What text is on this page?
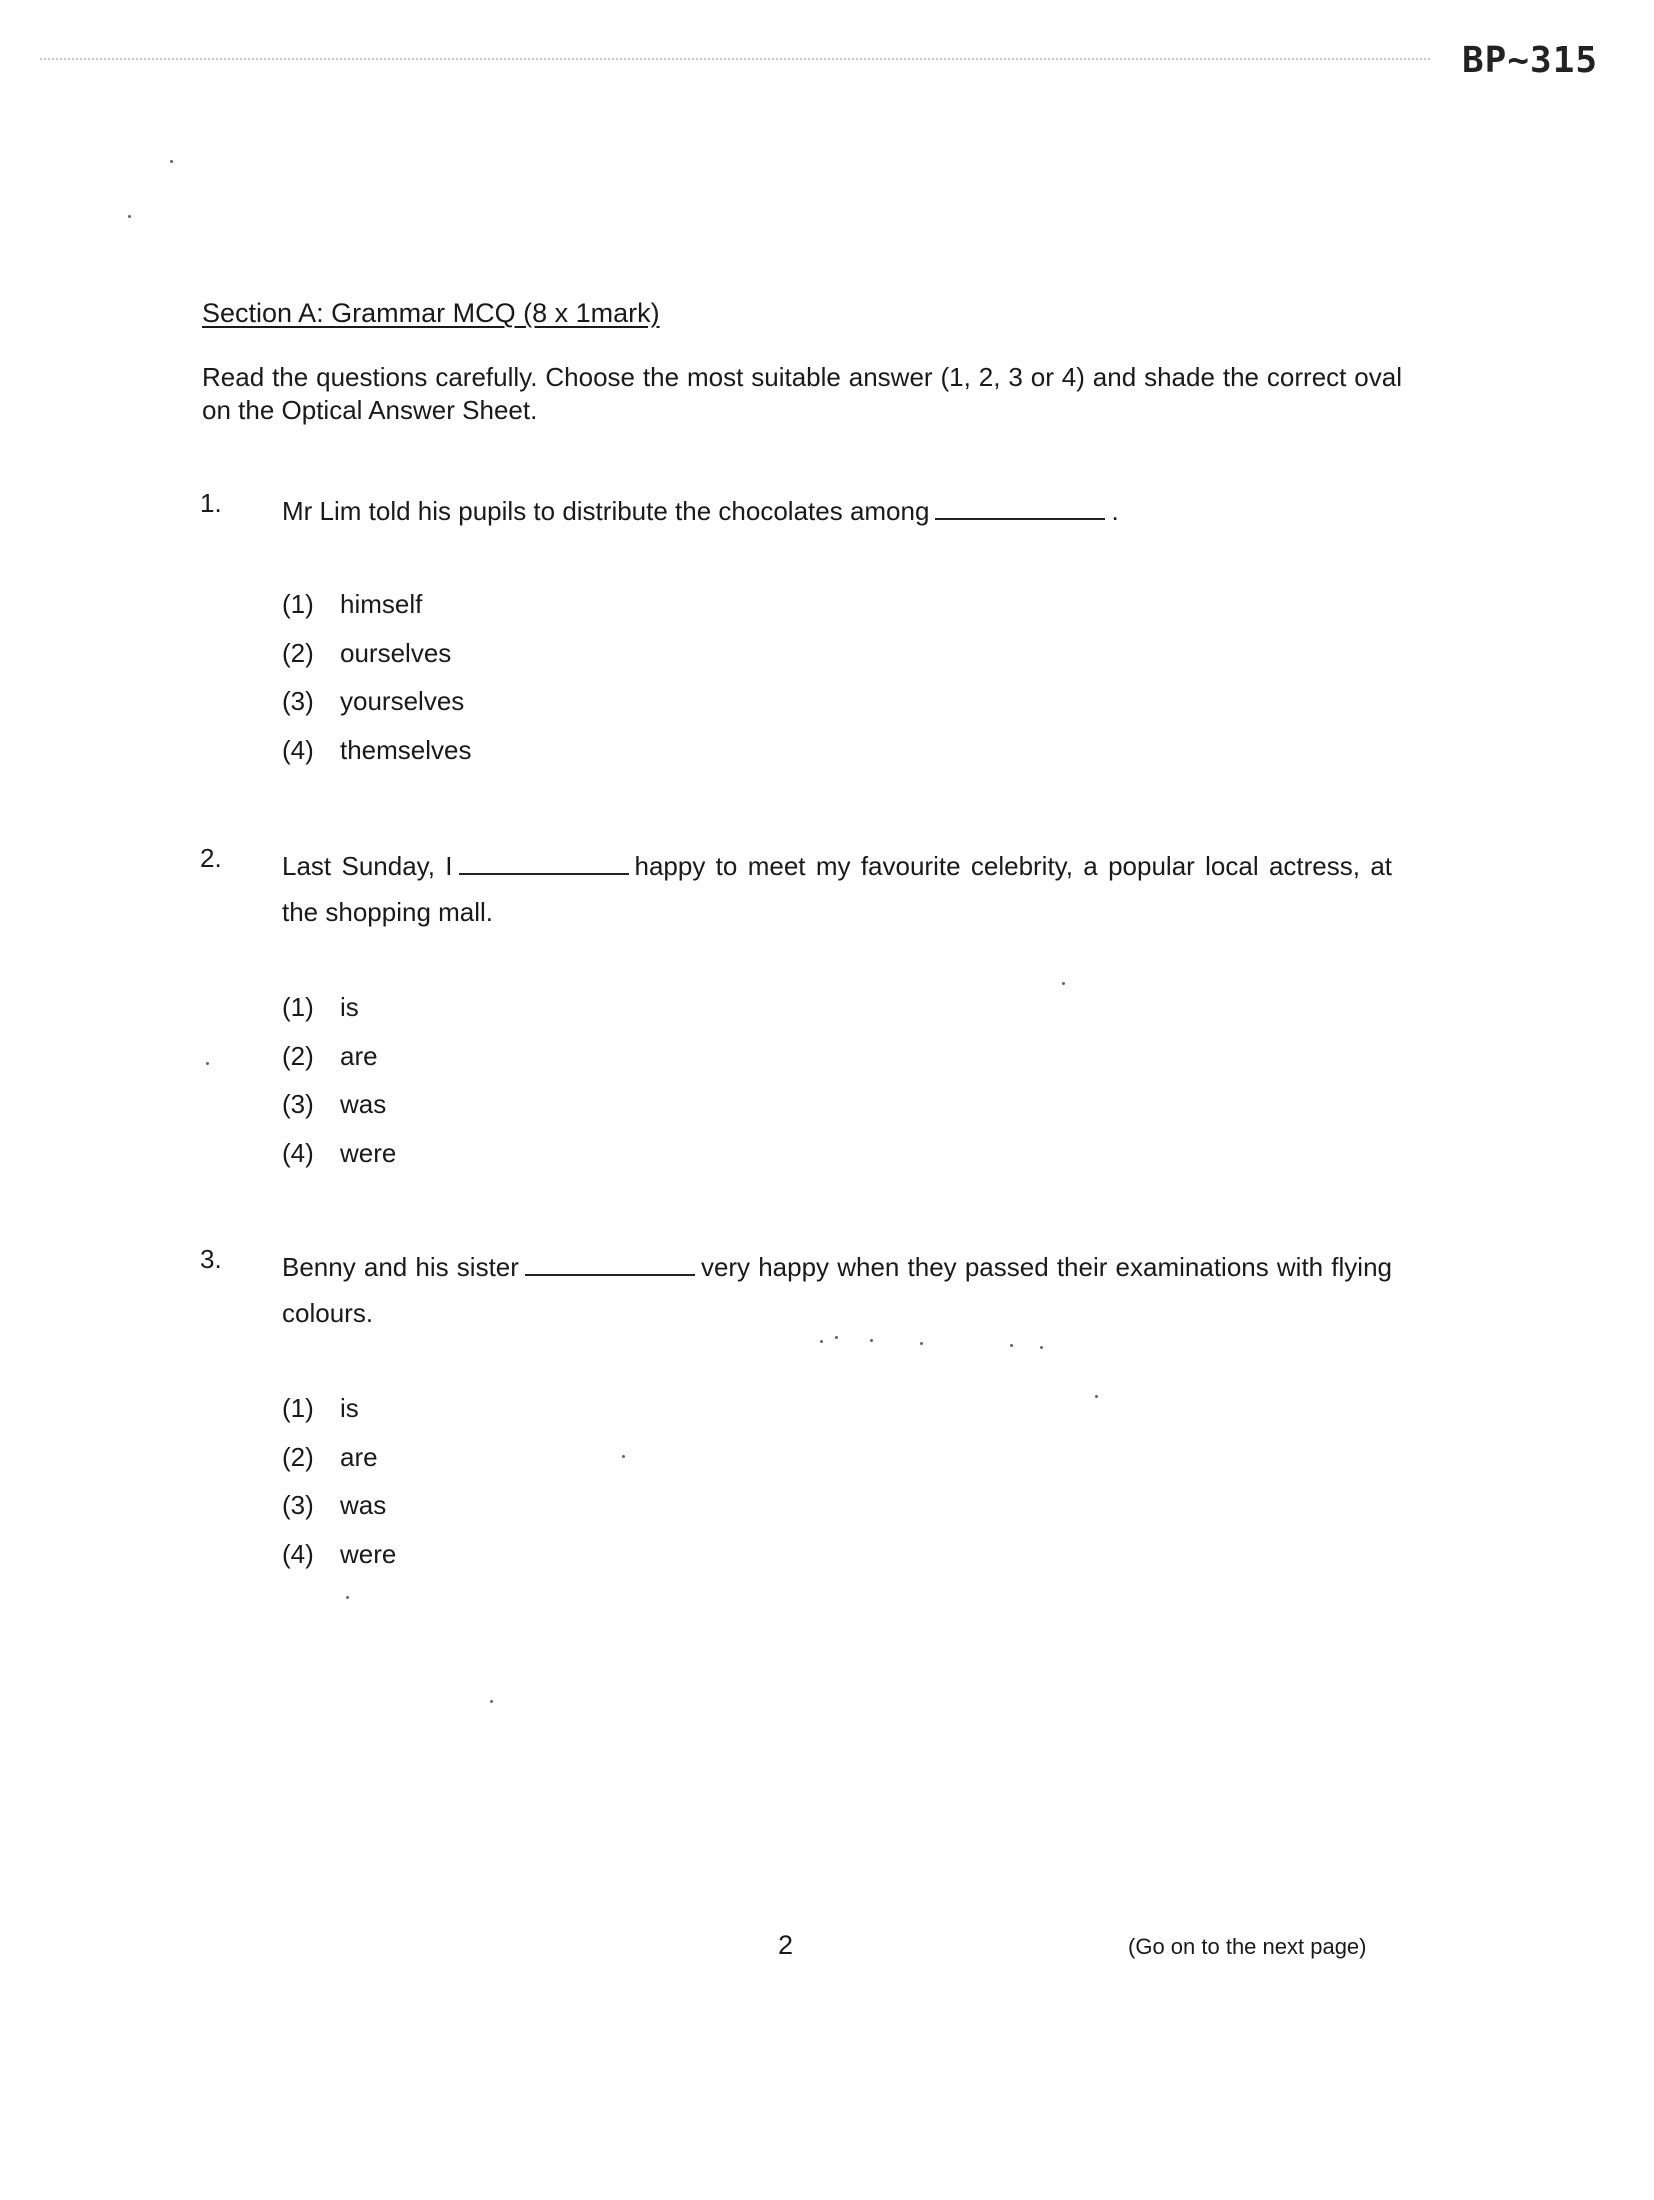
BP~315
Section A: Grammar MCQ (8 x 1mark)
Read the questions carefully. Choose the most suitable answer (1, 2, 3 or 4) and shade the correct oval on the Optical Answer Sheet.
1. Mr Lim told his pupils to distribute the chocolates among	.
(1) himself
(2) ourselves
(3) yourselves
(4) themselves
2. Last Sunday, I	happy to meet my favourite celebrity, a popular local actress, at the shopping mall.
(1) is
(2) are
(3) was
(4) were
3. Benny and his sister	very happy when they passed their examinations with flying colours.
(1) is
(2) are
(3) was
(4) were
2	(Go on to the next page)
